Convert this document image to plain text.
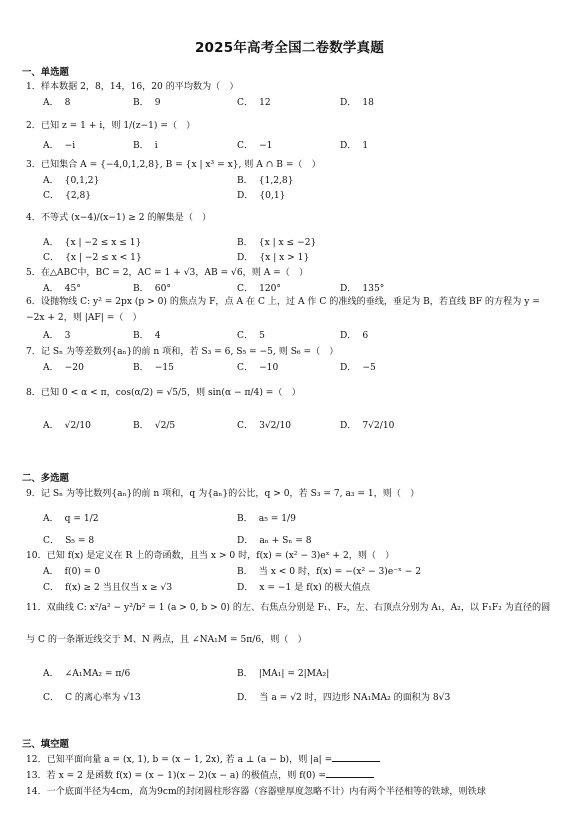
2025年高考全国二卷数学真题
一、单选题
1．样本数据 2，8，14，16，20 的平均数为（　）
A． 8	B． 9	C． 12	D． 18
2．已知 z = 1 + i，则 1/(z−1) =（　）
A． −i	B． i	C． −1	D． 1
3．已知集合 A = {−4,0,1,2,8}, B = {x | x³ = x}, 则 A ∩ B =（　）
A． {0,1,2}	B． {1,2,8}
C． {2,8}	D． {0,1}
4．不等式 (x−4)/(x−1) ≥ 2 的解集是（　）
A． {x | −2 ≤ x ≤ 1}	B． {x | x ≤ −2}
C． {x | −2 ≤ x < 1}	D． {x | x > 1}
5．在△ABC中，BC = 2，AC = 1 + √3，AB = √6，则 A =（　）
A． 45°	B． 60°	C． 120°	D． 135°
6．设抛物线 C: y² = 2px (p > 0) 的焦点为 F，点 A 在 C 上，过 A 作 C 的准线的垂线，垂足为 B，若直线 BF 的方程为 y = −2x + 2，则 |AF| =（　）
A． 3	B． 4	C． 5	D． 6
7．记 Sₙ 为等差数列{aₙ}的前 n 项和，若 S₃ = 6, S₅ = −5, 则 S₆ =（　）
A． −20	B． −15	C． −10	D． −5
8．已知 0 < α < π，cos(α/2) = √5/5，则 sin(α − π/4) =（　）
A． √2/10	B． √2/5	C． 3√2/10	D． 7√2/10
二、多选题
9．记 Sₙ 为等比数列{aₙ}的前 n 项和，q 为{aₙ}的公比，q > 0，若 S₃ = 7, a₃ = 1，则（　）
A． q = 1/2	B． a₅ = 1/9
C． S₅ = 8	D． aₙ + Sₙ = 8
10．已知 f(x) 是定义在 R 上的奇函数，且当 x > 0 时，f(x) = (x² − 3)eˣ + 2，则（　）
A． f(0) = 0	B． 当 x < 0 时，f(x) = −(x² − 3)e⁻ˣ − 2
C． f(x) ≥ 2 当且仅当 x ≥ √3	D． x = −1 是 f(x) 的极大值点
11．双曲线 C: x²/a² − y²/b² = 1 (a > 0, b > 0) 的左、右焦点分别是 F₁、F₂，左、右顶点分别为 A₁，A₂，以 F₁F₂ 为直径的圆
与 C 的一条渐近线交于 M、N 两点，且 ∠NA₁M = 5π/6，则（　）
A． ∠A₁MA₂ = π/6	B． |MA₁| = 2|MA₂|
C． C 的离心率为 √13	D． 当 a = √2 时，四边形 NA₁MA₂ 的面积为 8√3
三、填空题
12．已知平面向量 a = (x, 1), b = (x − 1, 2x), 若 a ⊥ (a − b)，则 |a| =
13．若 x = 2 是函数 f(x) = (x − 1)(x − 2)(x − a) 的极值点，则 f(0) =
14．一个底面半径为4cm，高为9cm的封闭圆柱形容器（容器壁厚度忽略不计）内有两个半径相等的铁球，则铁球
